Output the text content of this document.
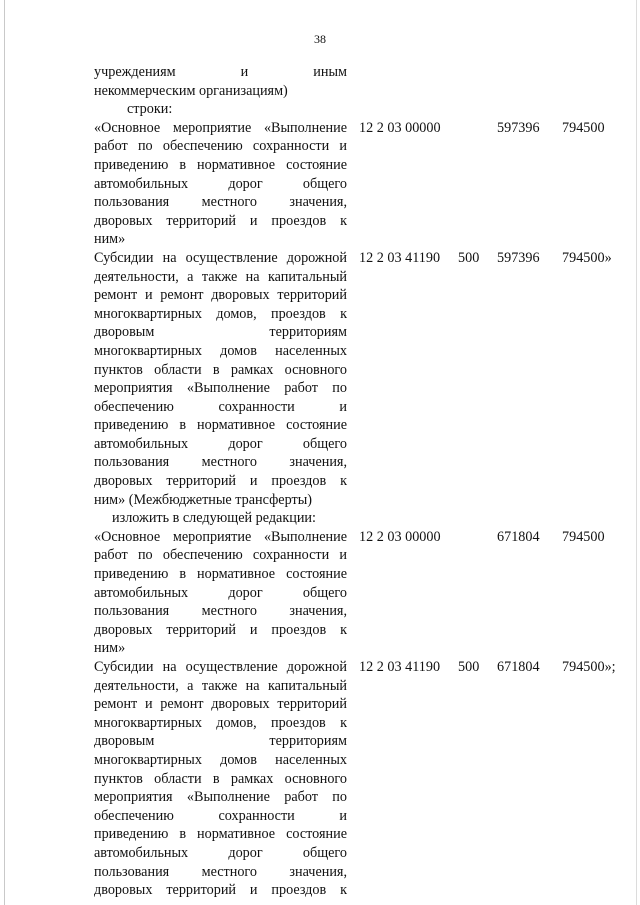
38
учреждениям и иным
некоммерческим организациям)
строки:
«Основное мероприятие «Выполнение
работ по обеспечению сохранности и
приведению в нормативное состояние
автомобильных дорог общего
пользования местного значения,
дворовых территорий и проездов к
ним»
12 2 03 00000	597396 794500
Субсидии на осуществление дорожной
деятельности, а также на капитальный
ремонт и ремонт дворовых территорий
многоквартирных домов, проездов к
дворовым территориям
многоквартирных домов населенных
пунктов области в рамках основного
мероприятия «Выполнение работ по
обеспечению сохранности и
приведению в нормативное состояние
автомобильных дорог общего
пользования местного значения,
дворовых территорий и проездов к
ним» (Межбюджетные трансферты)
12 2 03 41190 500 597396 794500»
изложить в следующей редакции:
«Основное мероприятие «Выполнение
работ по обеспечению сохранности и
приведению в нормативное состояние
автомобильных дорог общего
пользования местного значения,
дворовых территорий и проездов к
ним»
12 2 03 00000	671804 794500
Субсидии на осуществление дорожной
деятельности, а также на капитальный
ремонт и ремонт дворовых территорий
многоквартирных домов, проездов к
дворовым территориям
многоквартирных домов населенных
пунктов области в рамках основного
мероприятия «Выполнение работ по
обеспечению сохранности и
приведению в нормативное состояние
автомобильных дорог общего
пользования местного значения,
дворовых территорий и проездов к
12 2 03 41190 500 671804 794500»;
